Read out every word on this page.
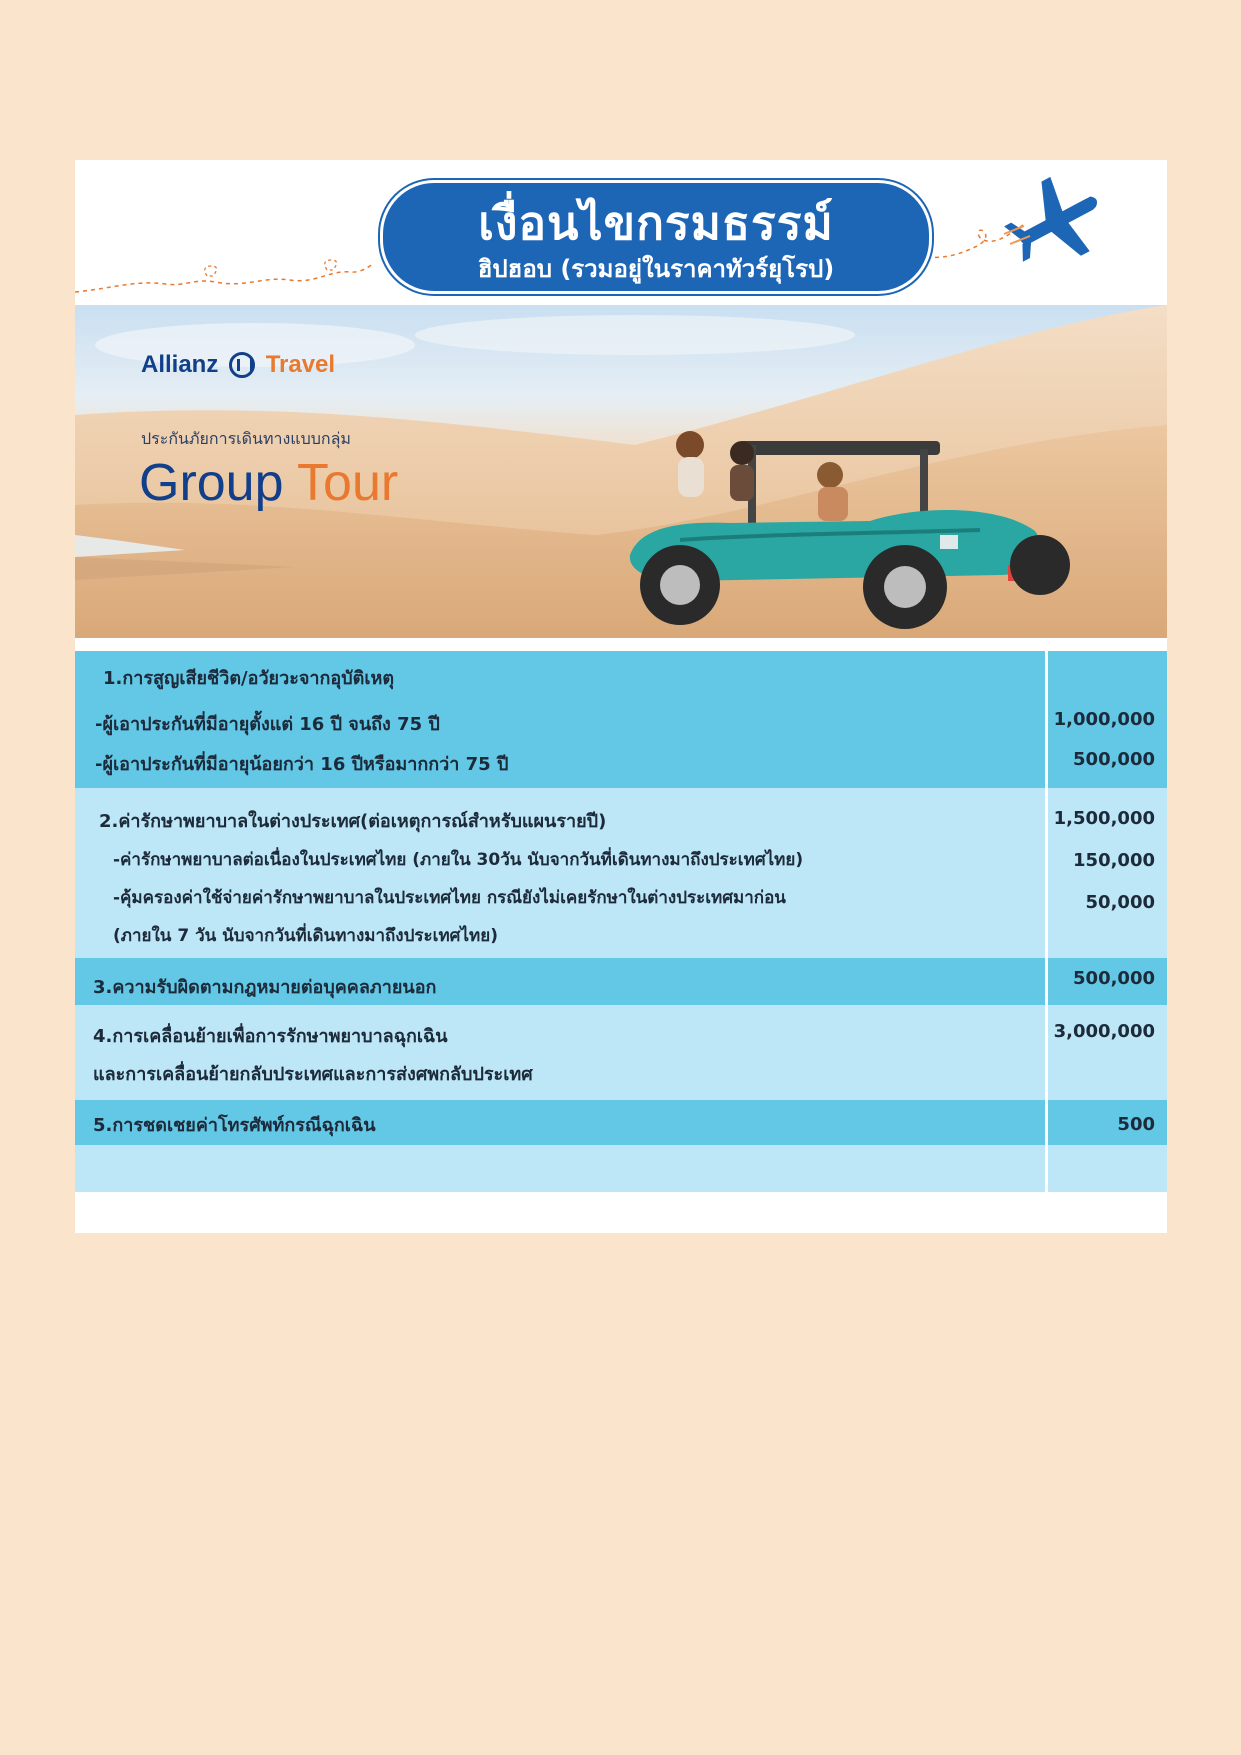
เงื่อนไขกรมธรรม์
ฮิปฮอบ (รวมอยู่ในราคาทัวร์ยุโรป)
Allianz Travel
ประกันภัยการเดินทางแบบกลุ่ม
Group Tour
1.การสูญเสียชีวิต/อวัยวะจากอุบัติเหตุ
-ผู้เอาประกันที่มีอายุตั้งแต่ 16 ปี จนถึง 75 ปี	1,000,000
-ผู้เอาประกันที่มีอายุน้อยกว่า 16 ปีหรือมากกว่า 75 ปี	500,000
2.ค่ารักษาพยาบาลในต่างประเทศ(ต่อเหตุการณ์สำหรับแผนรายปี)	1,500,000
-ค่ารักษาพยาบาลต่อเนื่องในประเทศไทย (ภายใน 30วัน นับจากวันที่เดินทางมาถึงประเทศไทย)	150,000
-คุ้มครองค่าใช้จ่ายค่ารักษาพยาบาลในประเทศไทย กรณียังไม่เคยรักษาในต่างประเทศมาก่อน	50,000
(ภายใน 7 วัน นับจากวันที่เดินทางมาถึงประเทศไทย)
3.ความรับผิดตามกฎหมายต่อบุคคลภายนอก	500,000
4.การเคลื่อนย้ายเพื่อการรักษาพยาบาลฉุกเฉิน	3,000,000
และการเคลื่อนย้ายกลับประเทศและการส่งศพกลับประเทศ
5.การชดเชยค่าโทรศัพท์กรณีฉุกเฉิน	500
